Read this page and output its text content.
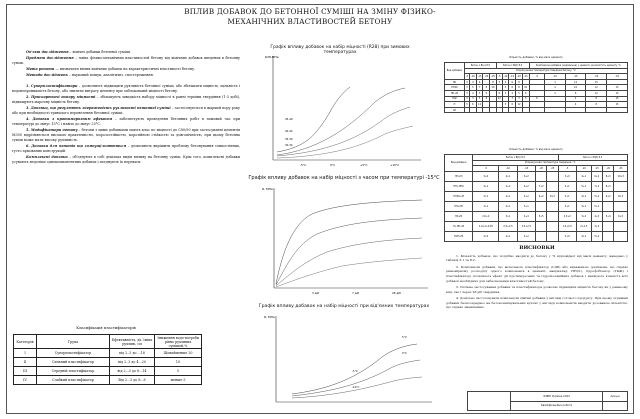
ВПЛИВ ДОБАВОК ДО БЕТОННОЇ СУМІШІ НА ЗМІНУ ФІЗИКО-
МЕХАНІЧНИХ ВЛАСТИВОСТЕЙ БЕТОНУ

Об'єкт дослідження – хімічні добавки бетонної суміші.

Предмет дослідження – зміна фізико-механічних властивостей бетону від хімічних добавок введених в бетонну суміш.

Мета роботи — визначити вплив хімічних добавок на характеристичні властивості бетону.

Методи досліджень – науковий пошук, аналітичні, спостереження.

1. Суперпластифікатори – дозволяють підвищити рухливість бетонної суміші, або збільшити міцність, щільність і водонепроникність бетону, або знизити витрату цементу при заблокованій міцності бетону.

2. Прискорювачі набору міцності – збільшують швидкість набору міцності в ранні терміни твердіння (1-3 добі), підвищують марочну міцність бетону.

3. Добавки, що регулюють збереженість рухливості бетонної суміші – застосовуються в жаркий пору року або при необхідності тривалого перевезення бетонної суміші.

4. Добавки з протиморозним ефектом – забезпечують проведення бетонних робіт в зимовий час при температурі до мінус 15°С і навіть до мінус 25°С.

5. Модифікатори бетону – бетони з цими добавками мають клас по міцності до С80/90 при застосуванні цементів М300 відрізняються високою практичністю, морозостійкістю, корозійною стійкістю та довговічністю, при цьому бетонна суміш може мати високу рухливість.

6. Добавки для бетонів що самоущільнюються – дозволяють вирішити проблему бетонування тонкостінних, густо армованих конструкцій.

Комплексні добавки – об'єднують в собі декілька видів впливу на бетонну суміш. Крім того, комплексні добавки усувають недоліки однокомпонентних добавок і поєднують їх переваги.

Класифікація пластифікаторів
Категорія	Група	Ефективність, діі Зміна рухливі, см	Зниження водо-потреби рівно рухливих сумішей,%
I	Суперпластифікатор	від 2..3 до ...18	Щонайменше 20
II	Сильний пластифікатор	від 2..3 до 4...20	10
III	Середній пластифікатор	від 2...3 до 8...14	5
IV	Слабкий пластифікатор	Від 2...3 до 8...8	менше 5
Графік впливу добавок на набір міцності (R28) при зимових температурах
R28,МПа
45-49
40-44
35-39
30-34
-5°С	0°С	+5°С	+10°С
Графік впливу добавок на набір міцності з часом при температурі -15°С
R, МПа
3 діб	7 діб	28 діб
Графік впливу добавок на набір міцності при від'ємних температурах
R, МПа
5°С
0°С
-5°С
-10°С
Кількість добавки, % від маси цементу
Вид добавки	Бетон з В(н) 8,5					Бетон з В(б) 8,5					Комплексна добавка (нормальна) у цементі, на вологість цементу, %				
	Розрахункова температура твердіння бетону, °С														
	-5	-10	-15	-20	-25	-5	-10	-15	-20	-25	-5	-10	-15	-20	-25
НК	3	4	6		8	3	4	6	8			3	12	15	
ННХК	3	5	7	8	10		3	6	8	10		4	10	12	15
НН+М	3	4	5	6		8	3	4	5	6		4	8	12	15
ПАР	3	3	5	8		12		3	3	5	8		4	8	15
П	5	6	12				5	6	12				4	8	15
АН															
Кількість добавки, % від маси цементу
Вид добавки	Бетон з В(б) 8,5					Бетон з В(б) 8,5				
	Розрахункова температура твердіння, °С									
	-5	-10	-15	-20	-25	-5	-10	-15	-20	-25
НН+М	3+0	4+1	6+2			3+0	4+1	6+2	8+3	10+3
НН+ННК	3+1	4+2	6+2	7+2		3+1	5+1	7+2	8+3	
ННХК+М	3+1	4+1	5+2	6+2	8+3	3+1	4+1	5+2	6+2	8+3
НН+НК	3+1	4+1	5+1			3+1	4+1	5+1		
НК+М	2,0+2	3+1	4+4	5+5		2,5+2	3+2	4+3	5+4	6+5
Н+НК+М	1,0+2+0,05	2,5+2,5	3,5+2,5			1,5+2,5	2+2,5	3+3		
ПОП+М	3+0	4+1	5+2			3+0	4+1	5+2		
ВИСНОВКИ

1. Кількість добавок, що потрібно вводити до бетону у % відповідної від маси цементу, наведено у таблиці 3.1 та 8.2.

2. Комплексні добавки, що включають пластифікатор (СДБ) або вираженою (ретинова, що сприяє рівномірному розподілу одного компонента в цементі, наприклад: НН(Л), гідрофобізатор (ГКЖ) і пластифікатор) посилюють ефект дії протиморозних та гідроізоляційних добавок і знижують кількість всіх добавок необхідних для забезпечення властивостей бетону.

3. Спільне застосування добавки та пластифікатора дозволяє підвищити міцність бетону як у ранньому віці, так і через 28 діб твердіння.

4. Доцільно застосовувати комплексні хімічні добавки у вигляді готового продукту. При цьому отримані добавки безпосередньо на бетонозмішувальних вузлах у вигляді компонентів вводити дозованою кількістю, що сприяє зменшенню.

	ФЛБП Україна 2023	Аркуш
	Кваліфікаційна робота	
